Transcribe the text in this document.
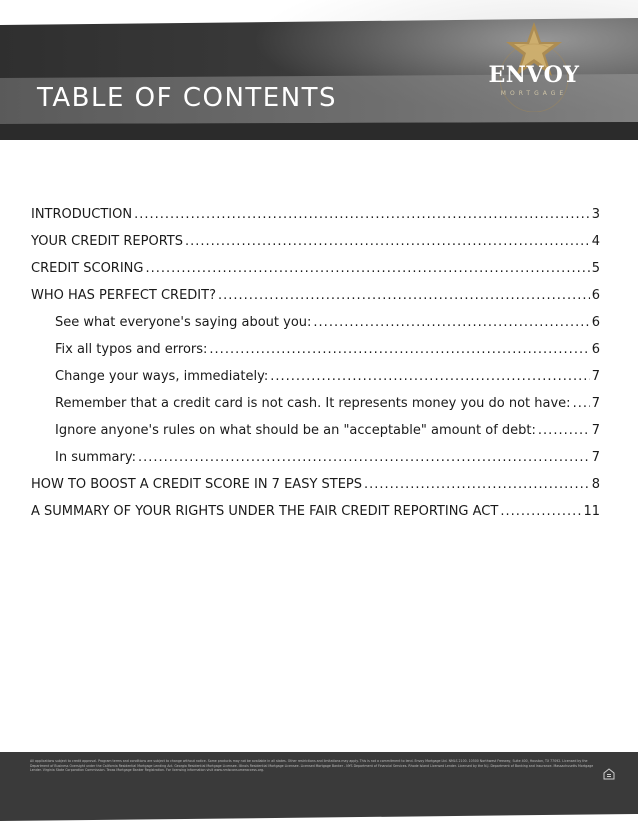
TABLE OF CONTENTS
ENVOY
MORTGAGE
INTRODUCTION .....	3
YOUR CREDIT REPORTS .....	4
CREDIT SCORING .....	5
WHO HAS PERFECT CREDIT? .....	6
See what everyone's saying about you: .....	6
Fix all typos and errors: .....	6
Change your ways, immediately: .....	7
Remember that a credit card is not cash. It represents money you do not have: ..... 7
Ignore anyone's rules on what should be an "acceptable" amount of debt: .....	7
In summary: .....	7
HOW TO BOOST A CREDIT SCORE IN 7 EASY STEPS .....	8
A SUMMARY OF YOUR RIGHTS UNDER THE FAIR CREDIT REPORTING ACT .....	11
All applications subject to credit approval. Program terms and conditions are subject to change without notice. Some products may not be available in all states. Other restrictions and limitations may apply. This is not a commitment to lend. Envoy Mortgage Ltd. NMLS 2100. 10500 Northwest Freeway, Suite 400, Houston, TX 77092. Licensed by the Department of Business Oversight under the California Residential Mortgage Lending Act. Georgia Residential Mortgage Licensee. Illinois Residential Mortgage Licensee. Licensed Mortgage Banker - NYS Department of Financial Services. Rhode Island Licensed Lender. Licensed by the N.J. Department of Banking and Insurance. Massachusetts Mortgage Lender. Virginia State Corporation Commission. Texas Mortgage Banker Registration. For licensing information visit www.nmlsconsumeraccess.org.
